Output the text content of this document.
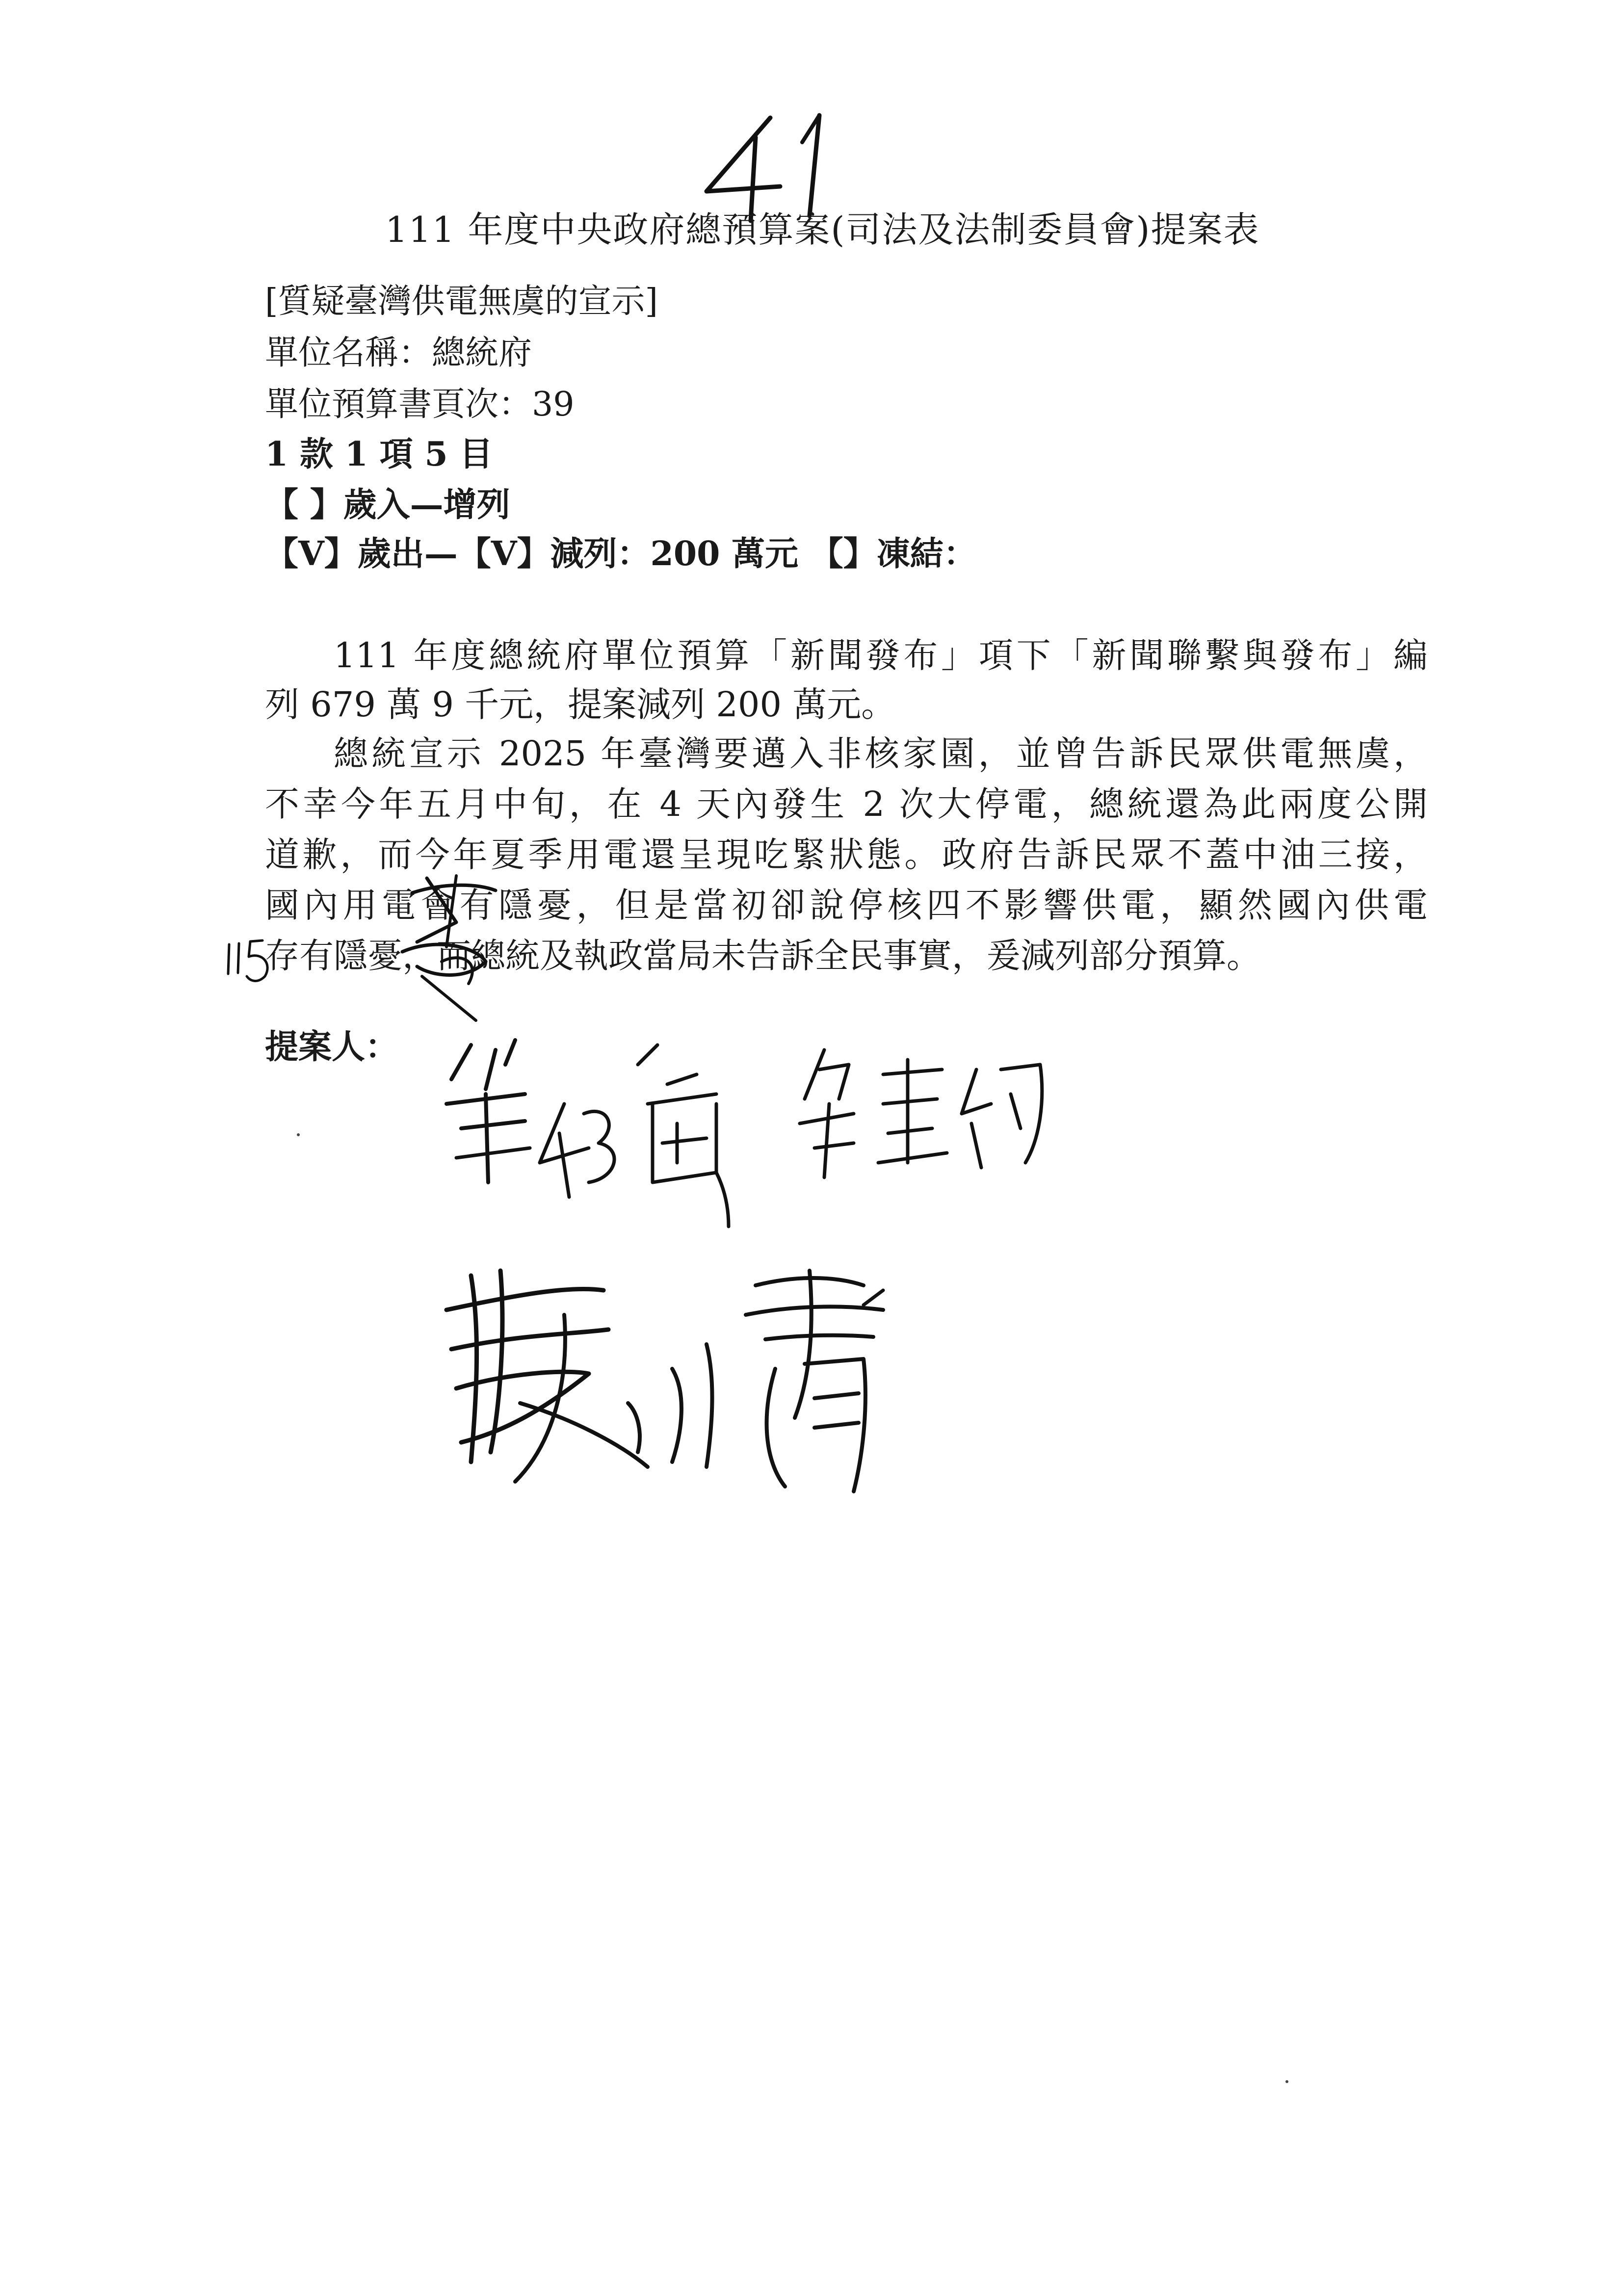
111 年度中央政府總預算案(司法及法制委員會)提案表
[質疑臺灣供電無虞的宣示]
單位名稱：總統府
單位預算書頁次：39
1 款 1 項 5 目
【 】歲入—增列
【V】歲出—【V】減列：200 萬元 【】凍結：
111 年度總統府單位預算「新聞發布」項下「新聞聯繫與發布」編
列 679 萬 9 千元，提案減列 200 萬元。
總統宣示 2025 年臺灣要邁入非核家園，並曾告訴民眾供電無虞，
不幸今年五月中旬，在 4 天內發生 2 次大停電，總統還為此兩度公開
道歉，而今年夏季用電還呈現吃緊狀態。政府告訴民眾不蓋中油三接，
國內用電會有隱憂，但是當初卻說停核四不影響供電，顯然國內供電
存有隱憂，而總統及執政當局未告訴全民事實，爰減列部分預算。
提案人：
